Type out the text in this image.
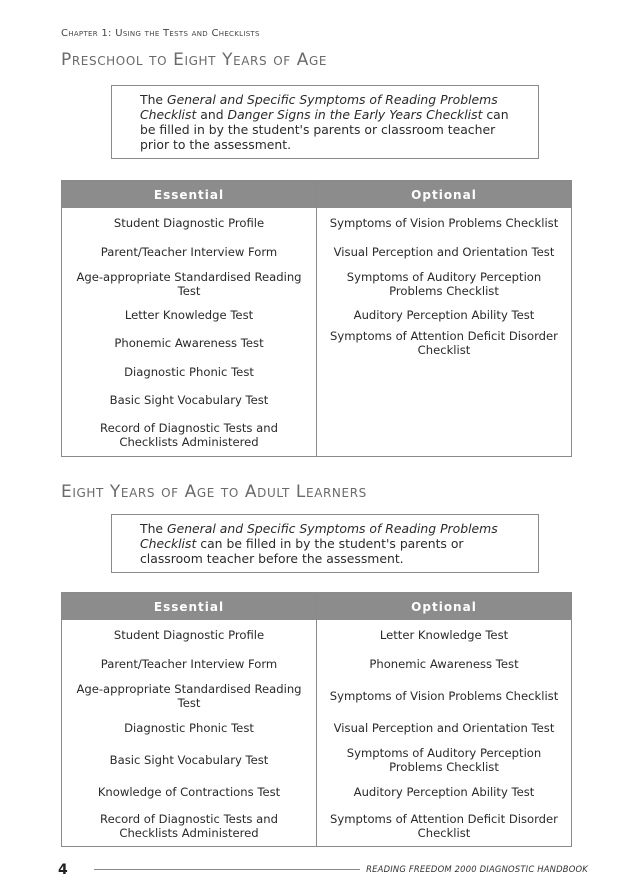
Chapter 1: Using the Tests and Checklists
Preschool to Eight Years of Age
The General and Specific Symptoms of Reading Problems Checklist and Danger Signs in the Early Years Checklist can be filled in by the student's parents or classroom teacher prior to the assessment.
Essential	Optional
Student Diagnostic Profile	Symptoms of Vision Problems Checklist
Parent/Teacher Interview Form	Visual Perception and Orientation Test
Age-appropriate Standardised Reading Test	Symptoms of Auditory Perception Problems Checklist
Letter Knowledge Test	Auditory Perception Ability Test
Phonemic Awareness Test	Symptoms of Attention Deficit Disorder Checklist
Diagnostic Phonic Test	
Basic Sight Vocabulary Test	
Record of Diagnostic Tests and Checklists Administered	
Eight Years of Age to Adult Learners
The General and Specific Symptoms of Reading Problems Checklist can be filled in by the student's parents or classroom teacher before the assessment.
Essential	Optional
Student Diagnostic Profile	Letter Knowledge Test
Parent/Teacher Interview Form	Phonemic Awareness Test
Age-appropriate Standardised Reading Test	Symptoms of Vision Problems Checklist
Diagnostic Phonic Test	Visual Perception and Orientation Test
Basic Sight Vocabulary Test	Symptoms of Auditory Perception Problems Checklist
Knowledge of Contractions Test	Auditory Perception Ability Test
Record of Diagnostic Tests and Checklists Administered	Symptoms of Attention Deficit Disorder Checklist
4	READING FREEDOM 2000 DIAGNOSTIC HANDBOOK
